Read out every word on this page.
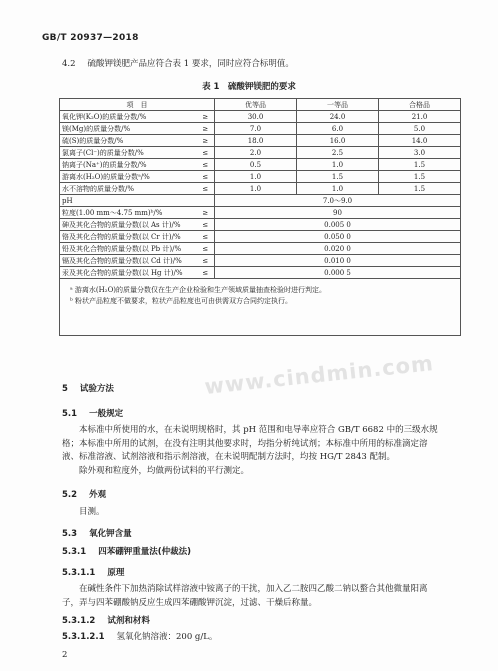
GB/T 20937—2018
4.2 硫酸钾镁肥产品应符合表 1 要求，同时应符合标明值。
表 1　硫酸钾镁肥的要求
项　目		优等品	一等品	合格品
氧化钾(K₂O)的质量分数/%	≥	30.0	24.0	21.0
镁(Mg)的质量分数/%	≥	7.0	6.0	5.0
硫(S)的质量分数/%	≥	18.0	16.0	14.0
氯离子(Cl⁻)的质量分数/%	≤	2.0	2.5	3.0
钠离子(Na⁺)的质量分数/%	≤	0.5	1.0	1.5
游离水(H₂O)的质量分数ᵃ/%	≤	1.0	1.5	1.5
水不溶物的质量分数/%	≤	1.0	1.0	1.5
pH		7.0～9.0		
粒度(1.00 mm～4.75 mm)ᵇ/%	≥	90		
砷及其化合物的质量分数(以 As 计)/%	≤	0.005 0		
铬及其化合物的质量分数(以 Cr 计)/%	≤	0.050 0		
铅及其化合物的质量分数(以 Pb 计)/%	≤	0.020 0		
镉及其化合物的质量分数(以 Cd 计)/%	≤	0.010 0		
汞及其化合物的质量分数(以 Hg 计)/%	≤	0.000 5		

ᵃ 游离水(H₂O)的质量分数仅在生产企业检验和生产领域质量抽查检验时进行判定。
ᵇ 粉状产品粒度不做要求，粒状产品粒度也可由供需双方合同约定执行。				
www.cindmin.com
5 试验方法
5.1 一般规定
本标准中所使用的水，在未说明规格时，其 pH 范围和电导率应符合 GB/T 6682 中的三级水规格；本标准中所用的试剂，在没有注明其他要求时，均指分析纯试剂；本标准中所用的标准滴定溶液、标准溶液、试剂溶液和指示剂溶液，在未说明配制方法时，均按 HG/T 2843 配制。
除外观和粒度外，均做两份试料的平行测定。
5.2 外观
目测。
5.3 氧化钾含量
5.3.1 四苯硼钾重量法(仲裁法)
5.3.1.1 原理
在碱性条件下加热消除试样溶液中铵离子的干扰，加入乙二胺四乙酸二钠以螯合其他微量阳离子，弄与四苯硼酸钠反应生成四苯硼酸钾沉淀，过滤、干燥后称量。
5.3.1.2 试剂和材料
5.3.1.2.1 氢氧化钠溶液：200 g/L。
2
